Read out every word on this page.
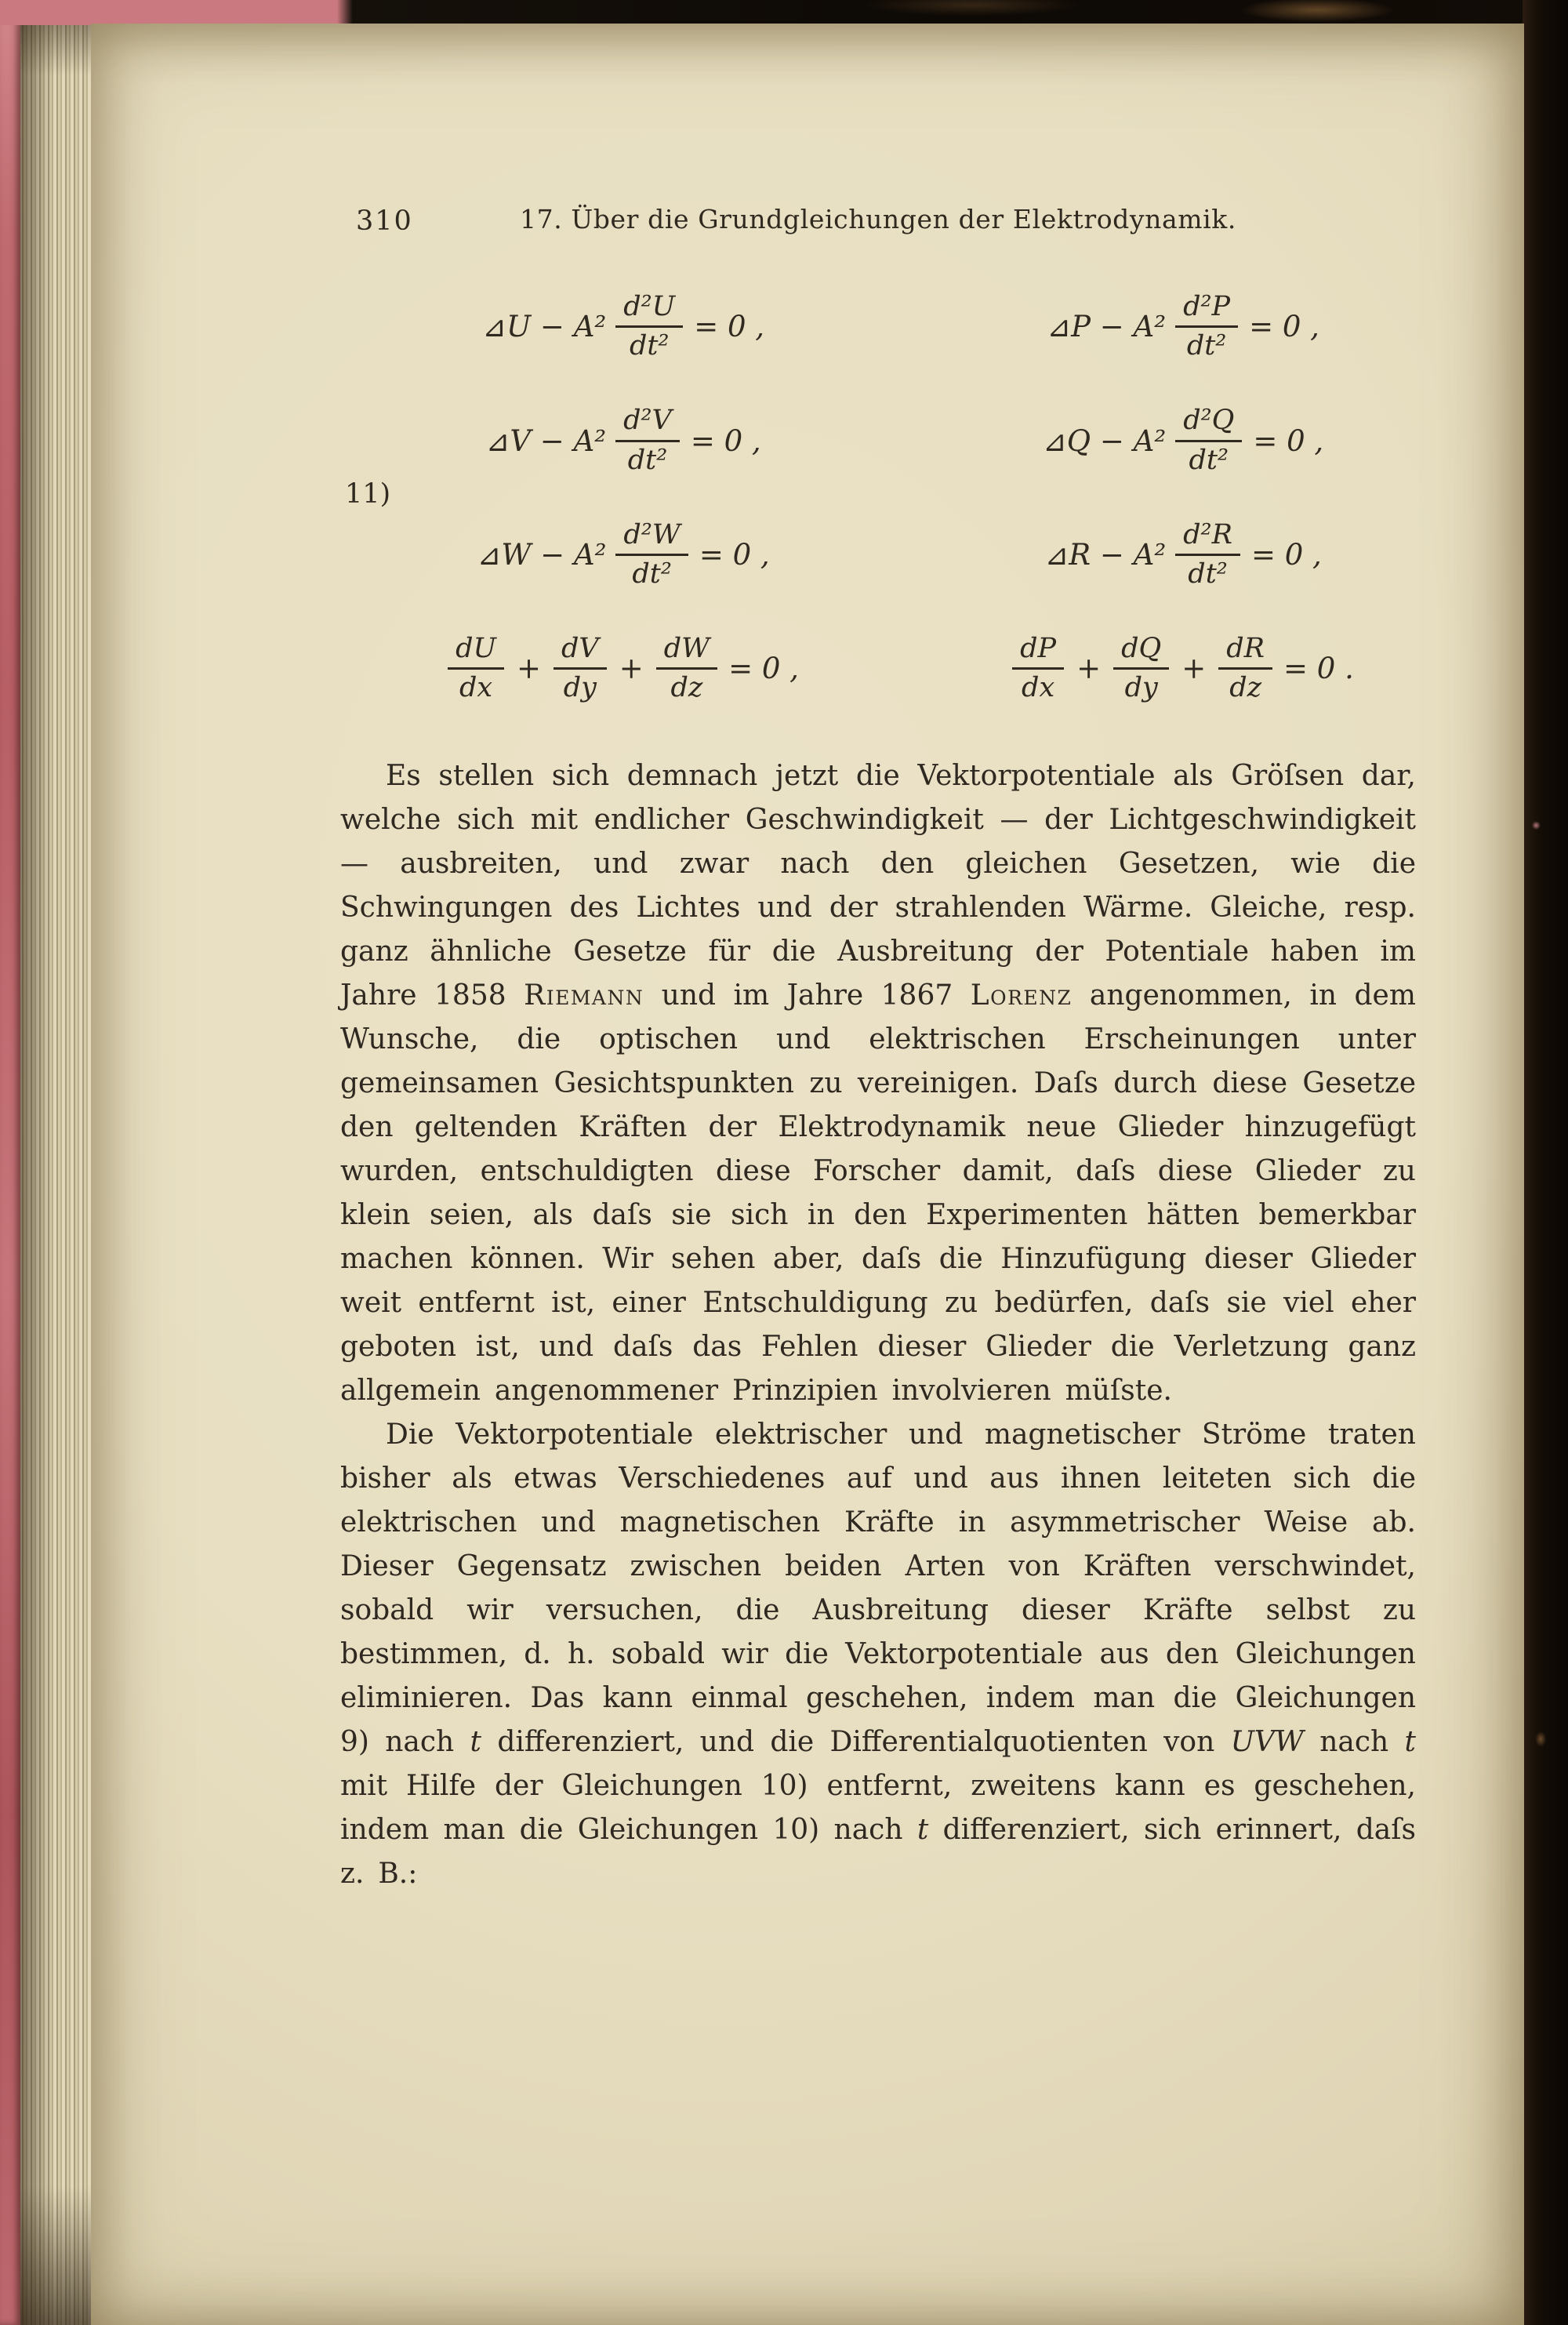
310	17. Über die Grundgleichungen der Elektrodynamik.
11)
⊿U − $A^2 \frac{\text{d²U}}{\text{dt²}} = 0$ ,	⊿P − $A^2 \frac{\text{d²P}}{\text{dt²}} = 0$ ,
⊿V − $A^2 \frac{\text{d²V}}{\text{dt²}} = 0$ ,	⊿Q − $A^2 \frac{\text{d²Q}}{\text{dt²}} = 0$ ,
⊿W − $A^2 \frac{\text{d²W}}{\text{dt²}} = 0$ ,	⊿R − $A^2 \frac{\text{d²R}}{\text{dt²}} = 0$ ,
$\frac{dU}{dx} + \frac{dV}{dy} + \frac{dW}{dz} = 0$ ,	$\frac{dP}{dx} + \frac{dQ}{dy} + \frac{dR}{dz} = 0$ .

Es stellen sich demnach jetzt die Vektorpotentiale als Gröſsen dar, welche sich mit endlicher Geschwindigkeit — der Lichtgeschwindigkeit — ausbreiten, und zwar nach den gleichen Gesetzen, wie die Schwingungen des Lichtes und der strahlenden Wärme. Gleiche, resp. ganz ähnliche Gesetze für die Ausbreitung der Potentiale haben im Jahre 1858 Riemann und im Jahre 1867 Lorenz angenommen, in dem Wunsche, die optischen und elektrischen Erscheinungen unter gemeinsamen Gesichtspunkten zu vereinigen. Daſs durch diese Gesetze den geltenden Kräften der Elektrodynamik neue Glieder hinzugefügt wurden, entschuldigten diese Forscher damit, daſs diese Glieder zu klein seien, als daſs sie sich in den Experimenten hätten bemerkbar machen können. Wir sehen aber, daſs die Hinzufügung dieser Glieder weit entfernt ist, einer Entschuldigung zu bedürfen, daſs sie viel eher geboten ist, und daſs das Fehlen dieser Glieder die Verletzung ganz allgemein angenommener Prinzipien involvieren müſste.

Die Vektorpotentiale elektrischer und magnetischer Ströme traten bisher als etwas Verschiedenes auf und aus ihnen leiteten sich die elektrischen und magnetischen Kräfte in asymmetrischer Weise ab. Dieser Gegensatz zwischen beiden Arten von Kräften verschwindet, sobald wir versuchen, die Ausbreitung dieser Kräfte selbst zu bestimmen, d. h. sobald wir die Vektorpotentiale aus den Gleichungen eliminieren. Das kann einmal geschehen, indem man die Gleichungen 9) nach t differenziert, und die Differentialquotienten von UVW nach t mit Hilfe der Gleichungen 10) entfernt, zweitens kann es geschehen, indem man die Gleichungen 10) nach t differenziert, sich erinnert, daſs z. B.:
